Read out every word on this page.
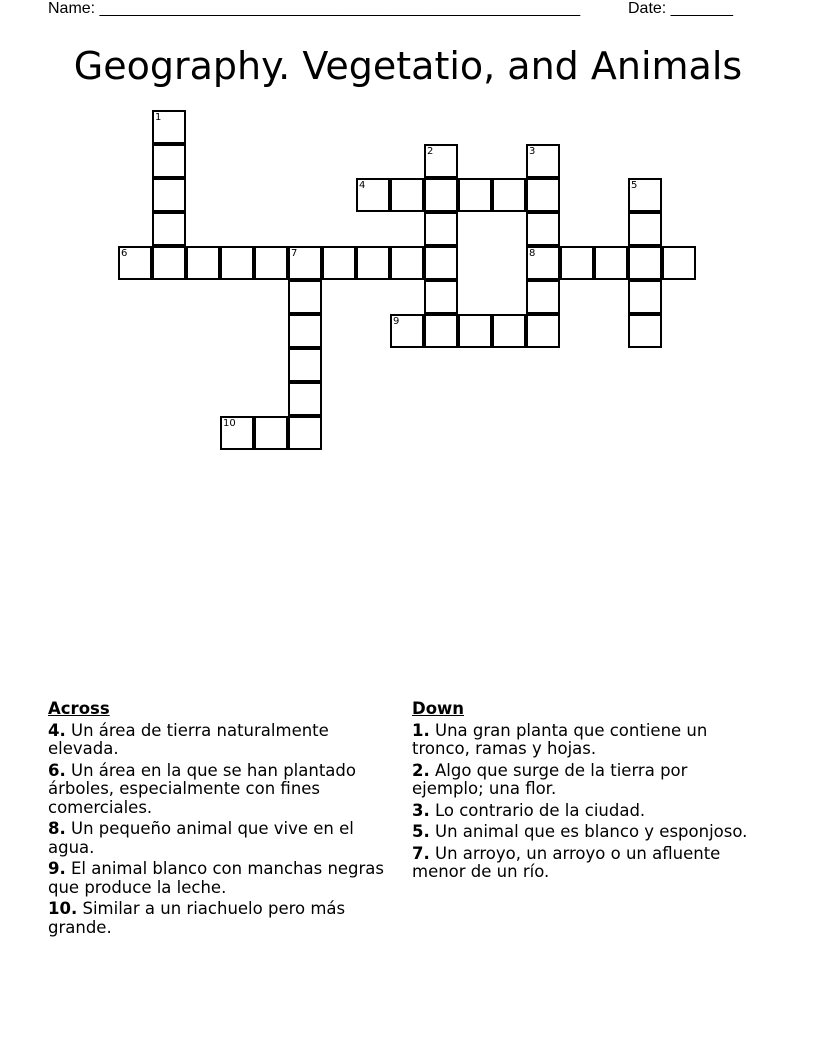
Name: ______________________________________________________	Date: _______
Geography. Vegetatio, and Animals
1
2	3
8
4	5
6	7
9
10
Across
4. Un área de tierra naturalmente elevada.
6. Un área en la que se han plantado árboles, especialmente con fines comerciales.
8. Un pequeño animal que vive en el agua.
9. El animal blanco con manchas negras que produce la leche.
10. Similar a un riachuelo pero más grande.
Down
1. Una gran planta que contiene un tronco, ramas y hojas.
2. Algo que surge de la tierra por ejemplo; una flor.
3. Lo contrario de la ciudad.
5. Un animal que es blanco y esponjoso.
7. Un arroyo, un arroyo o un afluente menor de un río.
